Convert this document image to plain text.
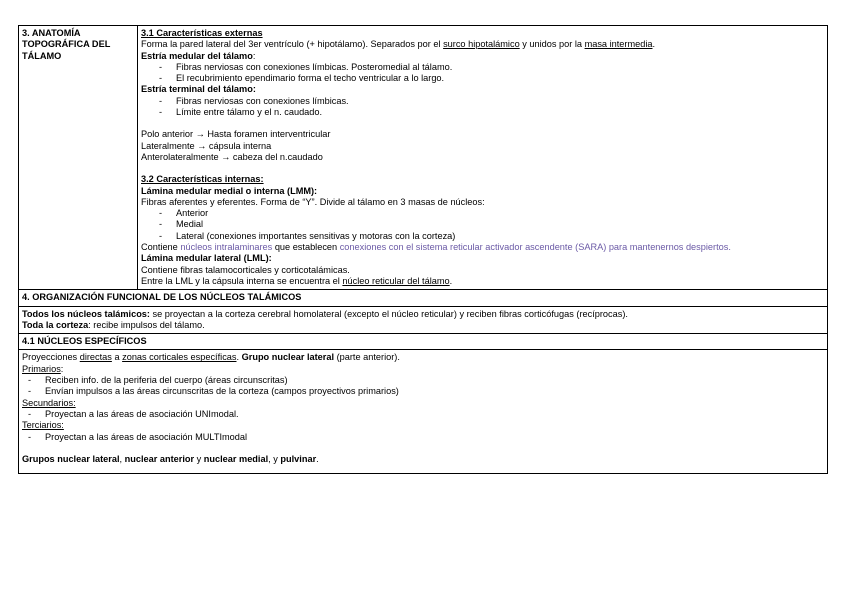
3. ANATOMÍA TOPOGRÁFICA DEL TÁLAMO	
3.1 Características externas
Forma la pared lateral del 3er ventrículo (+ hipotálamo). Separados por el surco hipotalámico y unidos por la masa intermedia.
Estría medular del tálamo:
- Fibras nerviosas con conexiones límbicas. Posteromedial al tálamo.
- El recubrimiento ependimario forma el techo ventricular a lo largo.
Estría terminal del tálamo:
- Fibras nerviosas con conexiones límbicas.
- Límite entre tálamo y el n. caudado.
Polo anterior → Hasta foramen interventricular
Lateralmente → cápsula interna
Anterolateralmente → cabeza del n.caudado
3.2 Características internas:
Lámina medular medial o interna (LMM):
Fibras aferentes y eferentes. Forma de “Y”. Divide al tálamo en 3 masas de núcleos:
- Anterior
- Medial
- Lateral (conexiones importantes sensitivas y motoras con la corteza)
Contiene núcleos intralaminares que establecen conexiones con el sistema reticular activador ascendente (SARA) para mantenernos despiertos.
Lámina medular lateral (LML):
Contiene fibras talamocorticales y corticotalámicas.
Entre la LML y la cápsula interna se encuentra el núcleo reticular del tálamo.

4. ORGANIZACIÓN FUNCIONAL DE LOS NÚCLEOS TALÁMICOS

Todos los núcleos talámicos: se proyectan a la corteza cerebral homolateral (excepto el núcleo reticular) y reciben fibras corticófugas (recíprocas).
Toda la corteza: recibe impulsos del tálamo.

4.1 NÚCLEOS ESPECÍFICOS

Proyecciones directas a zonas corticales específicas. Grupo nuclear lateral (parte anterior).
Primarios:
- Reciben info. de la periferia del cuerpo (áreas circunscritas)
- Envían impulsos a las áreas circunscritas de la corteza (campos proyectivos primarios)
Secundarios:
- Proyectan a las áreas de asociación UNImodal.
Terciarios:
- Proyectan a las áreas de asociación MULTImodal
Grupos nuclear lateral, nuclear anterior y nuclear medial, y pulvinar.
